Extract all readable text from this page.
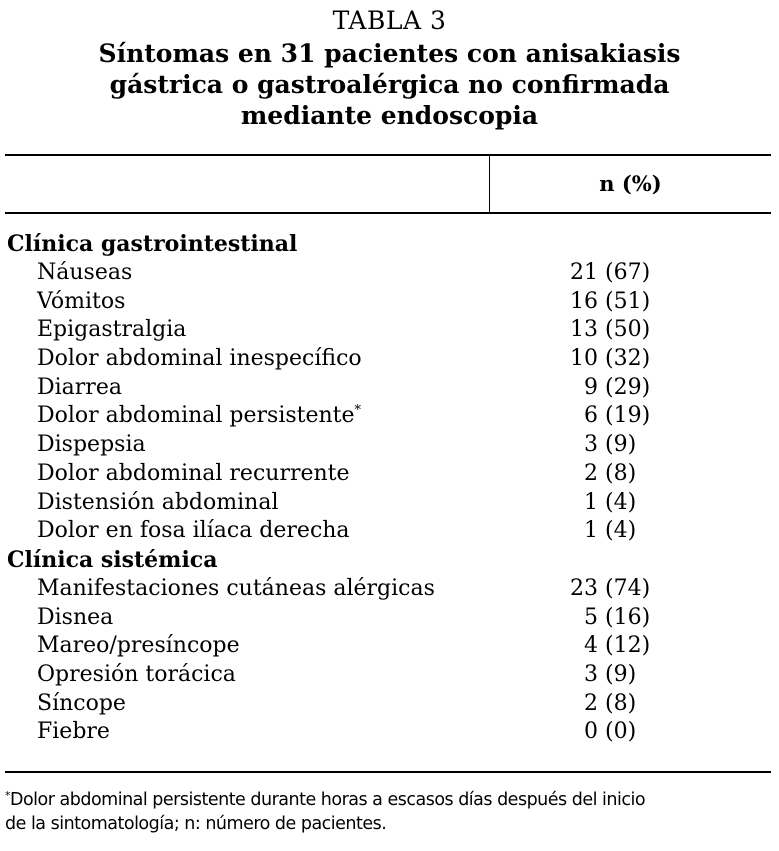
TABLA 3
Síntomas en 31 pacientes con anisakiasis
gástrica o gastroalérgica no confirmada
mediante endoscopia
n (%)
Clínica gastrointestinal
Náuseas	21 (67)
Vómitos	16 (51)
Epigastralgia	13 (50)
Dolor abdominal inespecífico	10 (32)
Diarrea	9 (29)
Dolor abdominal persistente*	6 (19)
Dispepsia	3 (9)
Dolor abdominal recurrente	2 (8)
Distensión abdominal	1 (4)
Dolor en fosa ilíaca derecha	1 (4)
Clínica sistémica
Manifestaciones cutáneas alérgicas	23 (74)
Disnea	5 (16)
Mareo/presíncope	4 (12)
Opresión torácica	3 (9)
Síncope	2 (8)
Fiebre	0 (0)
*Dolor abdominal persistente durante horas a escasos días después del inicio
de la sintomatología; n: número de pacientes.
